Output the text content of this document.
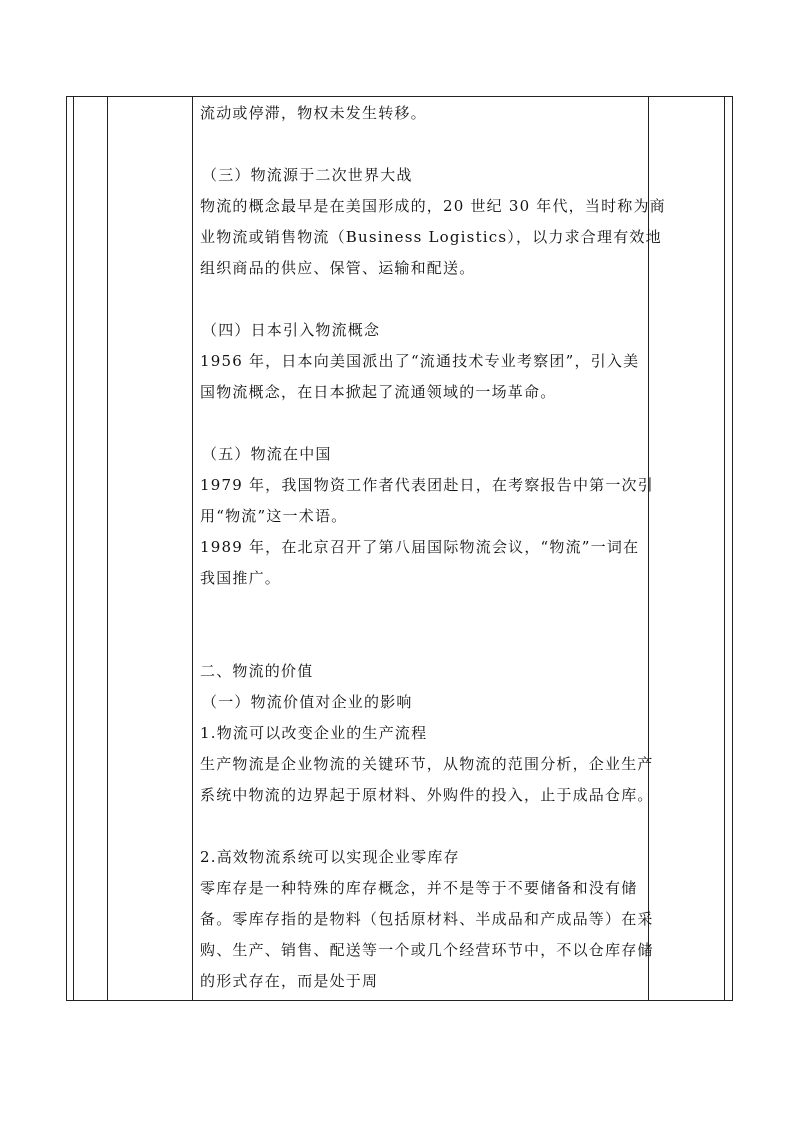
流动或停滞，物权未发生转移。

（三）物流源于二次世界大战

物流的概念最早是在美国形成的，20 世纪 30 年代，当时称为商

业物流或销售物流（Business Logistics），以力求合理有效地

组织商品的供应、保管、运输和配送。

（四）日本引入物流概念

1956 年，日本向美国派出了“流通技术专业考察团”，引入美

国物流概念，在日本掀起了流通领域的一场革命。

（五）物流在中国

1979 年，我国物资工作者代表团赴日，在考察报告中第一次引

用“物流”这一术语。

1989 年，在北京召开了第八届国际物流会议，“物流”一词在

我国推广。

二、物流的价值

（一）物流价值对企业的影响

1.物流可以改变企业的生产流程

生产物流是企业物流的关键环节，从物流的范围分析，企业生产

系统中物流的边界起于原材料、外购件的投入，止于成品仓库。

2.高效物流系统可以实现企业零库存

零库存是一种特殊的库存概念，并不是等于不要储备和没有储

备。零库存指的是物料（包括原材料、半成品和产成品等）在采

购、生产、销售、配送等一个或几个经营环节中，不以仓库存储

的形式存在，而是处于周
